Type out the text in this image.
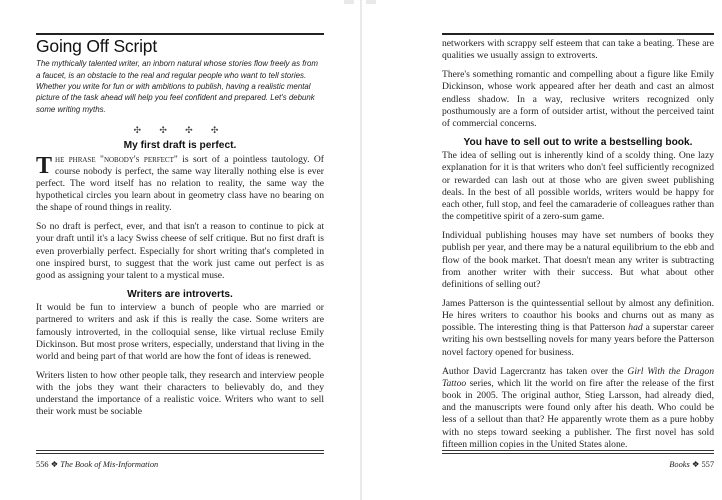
Going Off Script
The mythically talented writer, an inborn natural whose stories flow freely as from a faucet, is an obstacle to the real and regular people who want to tell stories. Whether you write for fun or with ambitions to publish, having a realistic mental picture of the task ahead will help you feel confident and prepared. Let's debunk some writing myths.
✣ ✣ ✣ ✣
My first draft is perfect.

The phrase "nobody's perfect" is sort of a pointless tautology. Of course nobody is perfect, the same way literally nothing else is ever perfect. The word itself has no relation to reality, the same way the hypothetical circles you learn about in geometry class have no bearing on the shape of round things in reality.

So no draft is perfect, ever, and that isn't a reason to continue to pick at your draft until it's a lacy Swiss cheese of self critique. But no first draft is even proverbially perfect. Especially for short writing that's completed in one inspired burst, to suggest that the work just came out perfect is as good as assigning your talent to a mystical muse.

Writers are introverts.

It would be fun to interview a bunch of people who are married or partnered to writers and ask if this is really the case. Some writers are famously introverted, in the colloquial sense, like virtual recluse Emily Dickinson. But most prose writers, especially, understand that living in the world and being part of that world are how the font of ideas is renewed.

Writers listen to how other people talk, they research and interview people with the jobs they want their characters to believably do, and they understand the importance of a realistic voice. Writers who want to sell their work must be sociable

556 ❖ The Book of Mis-Information

networkers with scrappy self esteem that can take a beating. These are qualities we usually assign to extroverts.

There's something romantic and compelling about a figure like Emily Dickinson, whose work appeared after her death and cast an almost endless shadow. In a way, reclusive writers recognized only posthumously are a form of outsider artist, without the perceived taint of commercial concerns.

You have to sell out to write a bestselling book.

The idea of selling out is inherently kind of a scoldy thing. One lazy explanation for it is that writers who don't feel sufficiently recognized or rewarded can lash out at those who are given sweet publishing deals. In the best of all possible worlds, writers would be happy for each other, full stop, and feel the camaraderie of colleagues rather than the competitive spirit of a zero-sum game.

Individual publishing houses may have set numbers of books they publish per year, and there may be a natural equilibrium to the ebb and flow of the book market. That doesn't mean any writer is subtracting from another writer with their success. But what about other definitions of selling out?

James Patterson is the quintessential sellout by almost any definition. He hires writers to coauthor his books and churns out as many as possible. The interesting thing is that Patterson had a superstar career writing his own bestselling novels for many years before the Patterson novel factory opened for business.

Author David Lagercrantz has taken over the Girl With the Dragon Tattoo series, which lit the world on fire after the release of the first book in 2005. The original author, Stieg Larsson, had already died, and the manuscripts were found only after his death. Who could be less of a sellout than that? He apparently wrote them as a pure hobby with no steps toward seeking a publisher. The first novel has sold fifteen million copies in the United States alone.

Books ❖ 557
